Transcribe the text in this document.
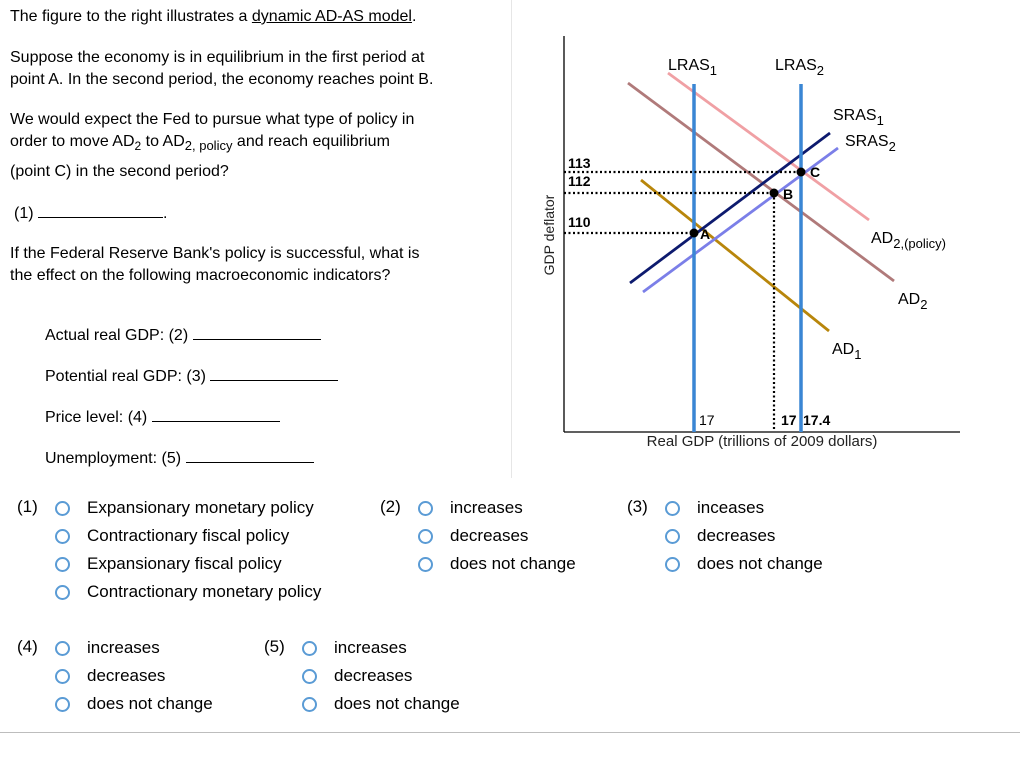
The figure to the right illustrates a dynamic AD-AS model.
Suppose the economy is in equilibrium in the first period at
point A. In the second period, the economy reaches point B.
We would expect the Fed to pursue what type of policy in
order to move $AD_2$ to $AD_{2, policy}$ and reach equilibrium
(point C) in the second period?
(1)	.
If the Federal Reserve Bank's policy is successful, what is
the effect on the following macroeconomic indicators?
Actual real GDP: (2)
Potential real GDP: (3)
Price level: (4)
Unemployment: (5)
$LRAS_1$	$LRAS_2$
$SRAS_1$
$SRAS_2$
$AD_1$
$AD_2$
$AD_{2,(policy)}$
A
B
C
113
112
110
17	17 17.4
Real GDP (trillions of 2009 dollars)
GDP deflator
(1)	Expansionary monetary policy
Contractionary fiscal policy
Expansionary fiscal policy
Contractionary monetary policy
(2)	increases
decreases
does not change
(3)	inceases
decreases
does not change
(4)	increases
decreases
does not change
(5)	increases
decreases
does not change
